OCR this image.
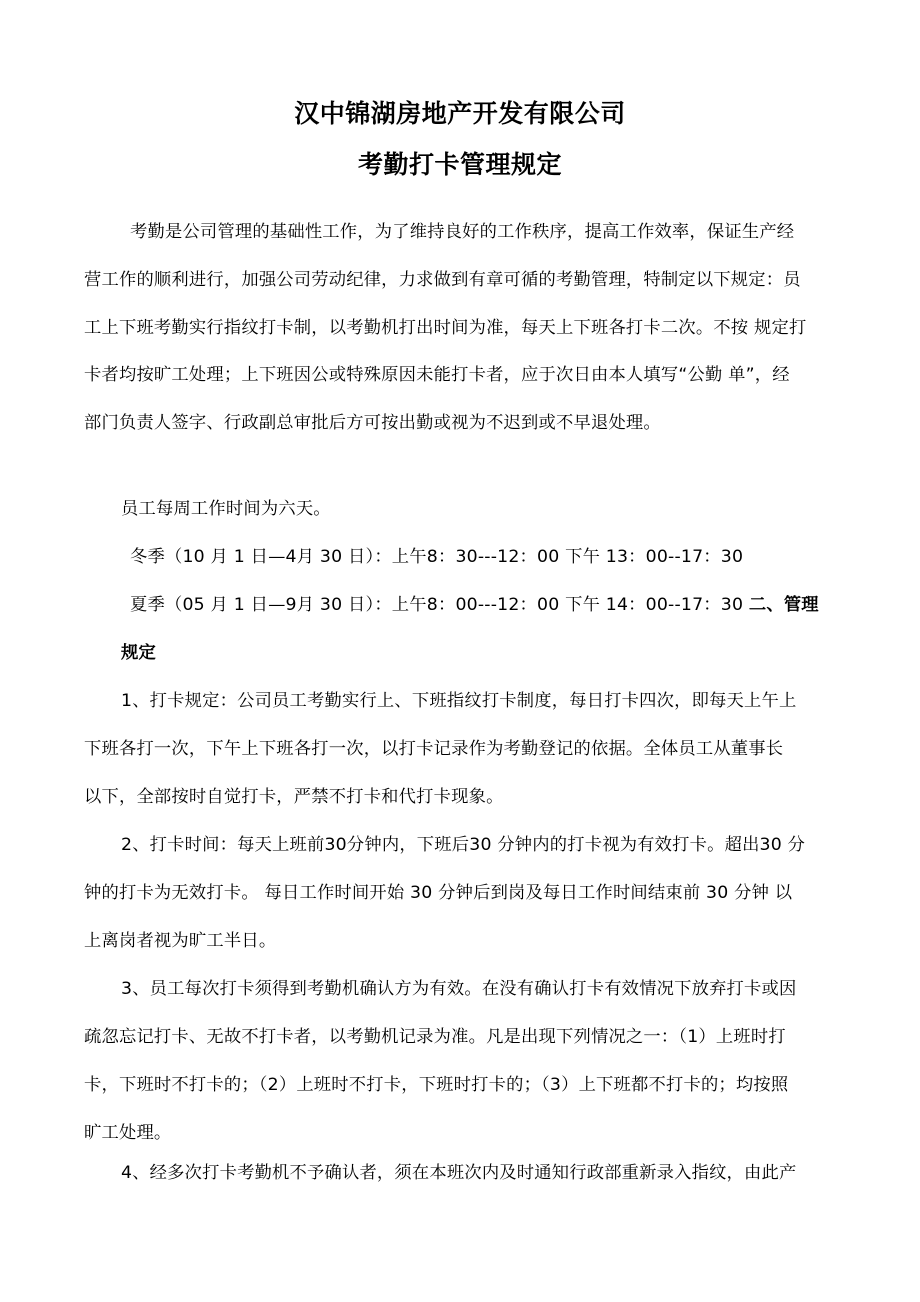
汉中锦湖房地产开发有限公司
考勤打卡管理规定
考勤是公司管理的基础性工作，为了维持良好的工作秩序，提高工作效率，保证生产经
营工作的顺利进行，加强公司劳动纪律，力求做到有章可循的考勤管理，特制定以下规定：员
工上下班考勤实行指纹打卡制，以考勤机打出时间为准，每天上下班各打卡二次。不按 规定打
卡者均按旷工处理；上下班因公或特殊原因未能打卡者，应于次日由本人填写“公勤 单”，经
部门负责人签字、行政副总审批后方可按出勤或视为不迟到或不早退处理。
员工每周工作时间为六天。
冬季（10 月 1 日—4月 30 日）：上午8：30---12：00 下午 13：00--17：30
夏季（05 月 1 日—9月 30 日）：上午8：00---12：00 下午 14：00--17：30 二、管理
规定
1、打卡规定：公司员工考勤实行上、下班指纹打卡制度，每日打卡四次，即每天上午上
下班各打一次，下午上下班各打一次，以打卡记录作为考勤登记的依据。全体员工从董事长
以下，全部按时自觉打卡，严禁不打卡和代打卡现象。
2、打卡时间：每天上班前30分钟内，下班后30 分钟内的打卡视为有效打卡。超出30 分
钟的打卡为无效打卡。 每日工作时间开始 30 分钟后到岗及每日工作时间结束前 30 分钟 以
上离岗者视为旷工半日。
3、员工每次打卡须得到考勤机确认方为有效。在没有确认打卡有效情况下放弃打卡或因
疏忽忘记打卡、无故不打卡者，以考勤机记录为准。凡是出现下列情况之一：（1）上班时打
卡，下班时不打卡的；（2）上班时不打卡，下班时打卡的；（3）上下班都不打卡的；均按照
旷工处理。
4、经多次打卡考勤机不予确认者，须在本班次内及时通知行政部重新录入指纹，由此产
